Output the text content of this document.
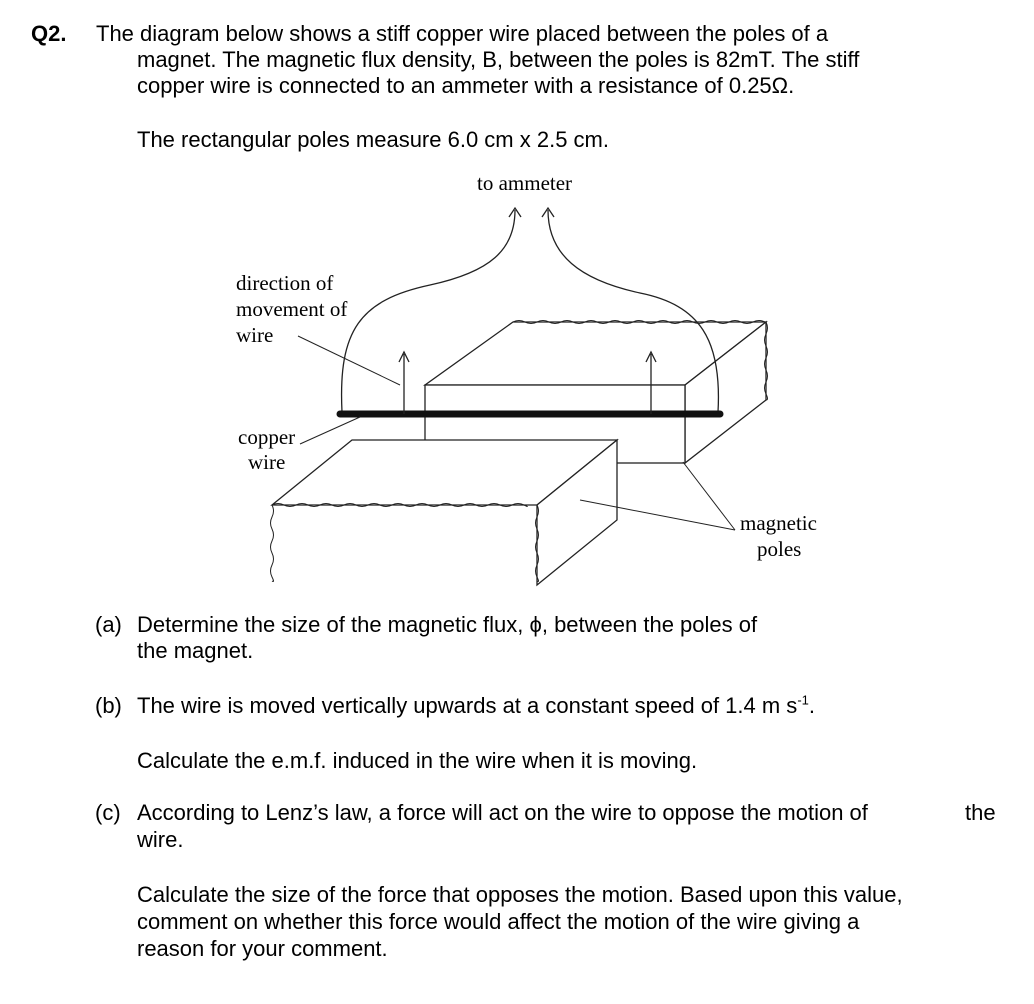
Q2. The diagram below shows a stiff copper wire placed between the poles of a
magnet. The magnetic flux density, B, between the poles is 82mT. The stiff
copper wire is connected to an ammeter with a resistance of 0.25Ω.

The rectangular poles measure 6.0 cm x 2.5 cm.

to ammeter
direction of
movement of
wire
copper
wire
magnetic
poles
(a) Determine the size of the magnetic flux, ϕ, between the poles of
the magnet.

(b) The wire is moved vertically upwards at a constant speed of 1.4 m $s^{-1}$.

Calculate the e.m.f. induced in the wire when it is moving.

(c) According to Lenz’s law, a force will act on the wire to oppose the motion of	the

wire.

Calculate the size of the force that opposes the motion. Based upon this value,

comment on whether this force would affect the motion of the wire giving a

reason for your comment.
